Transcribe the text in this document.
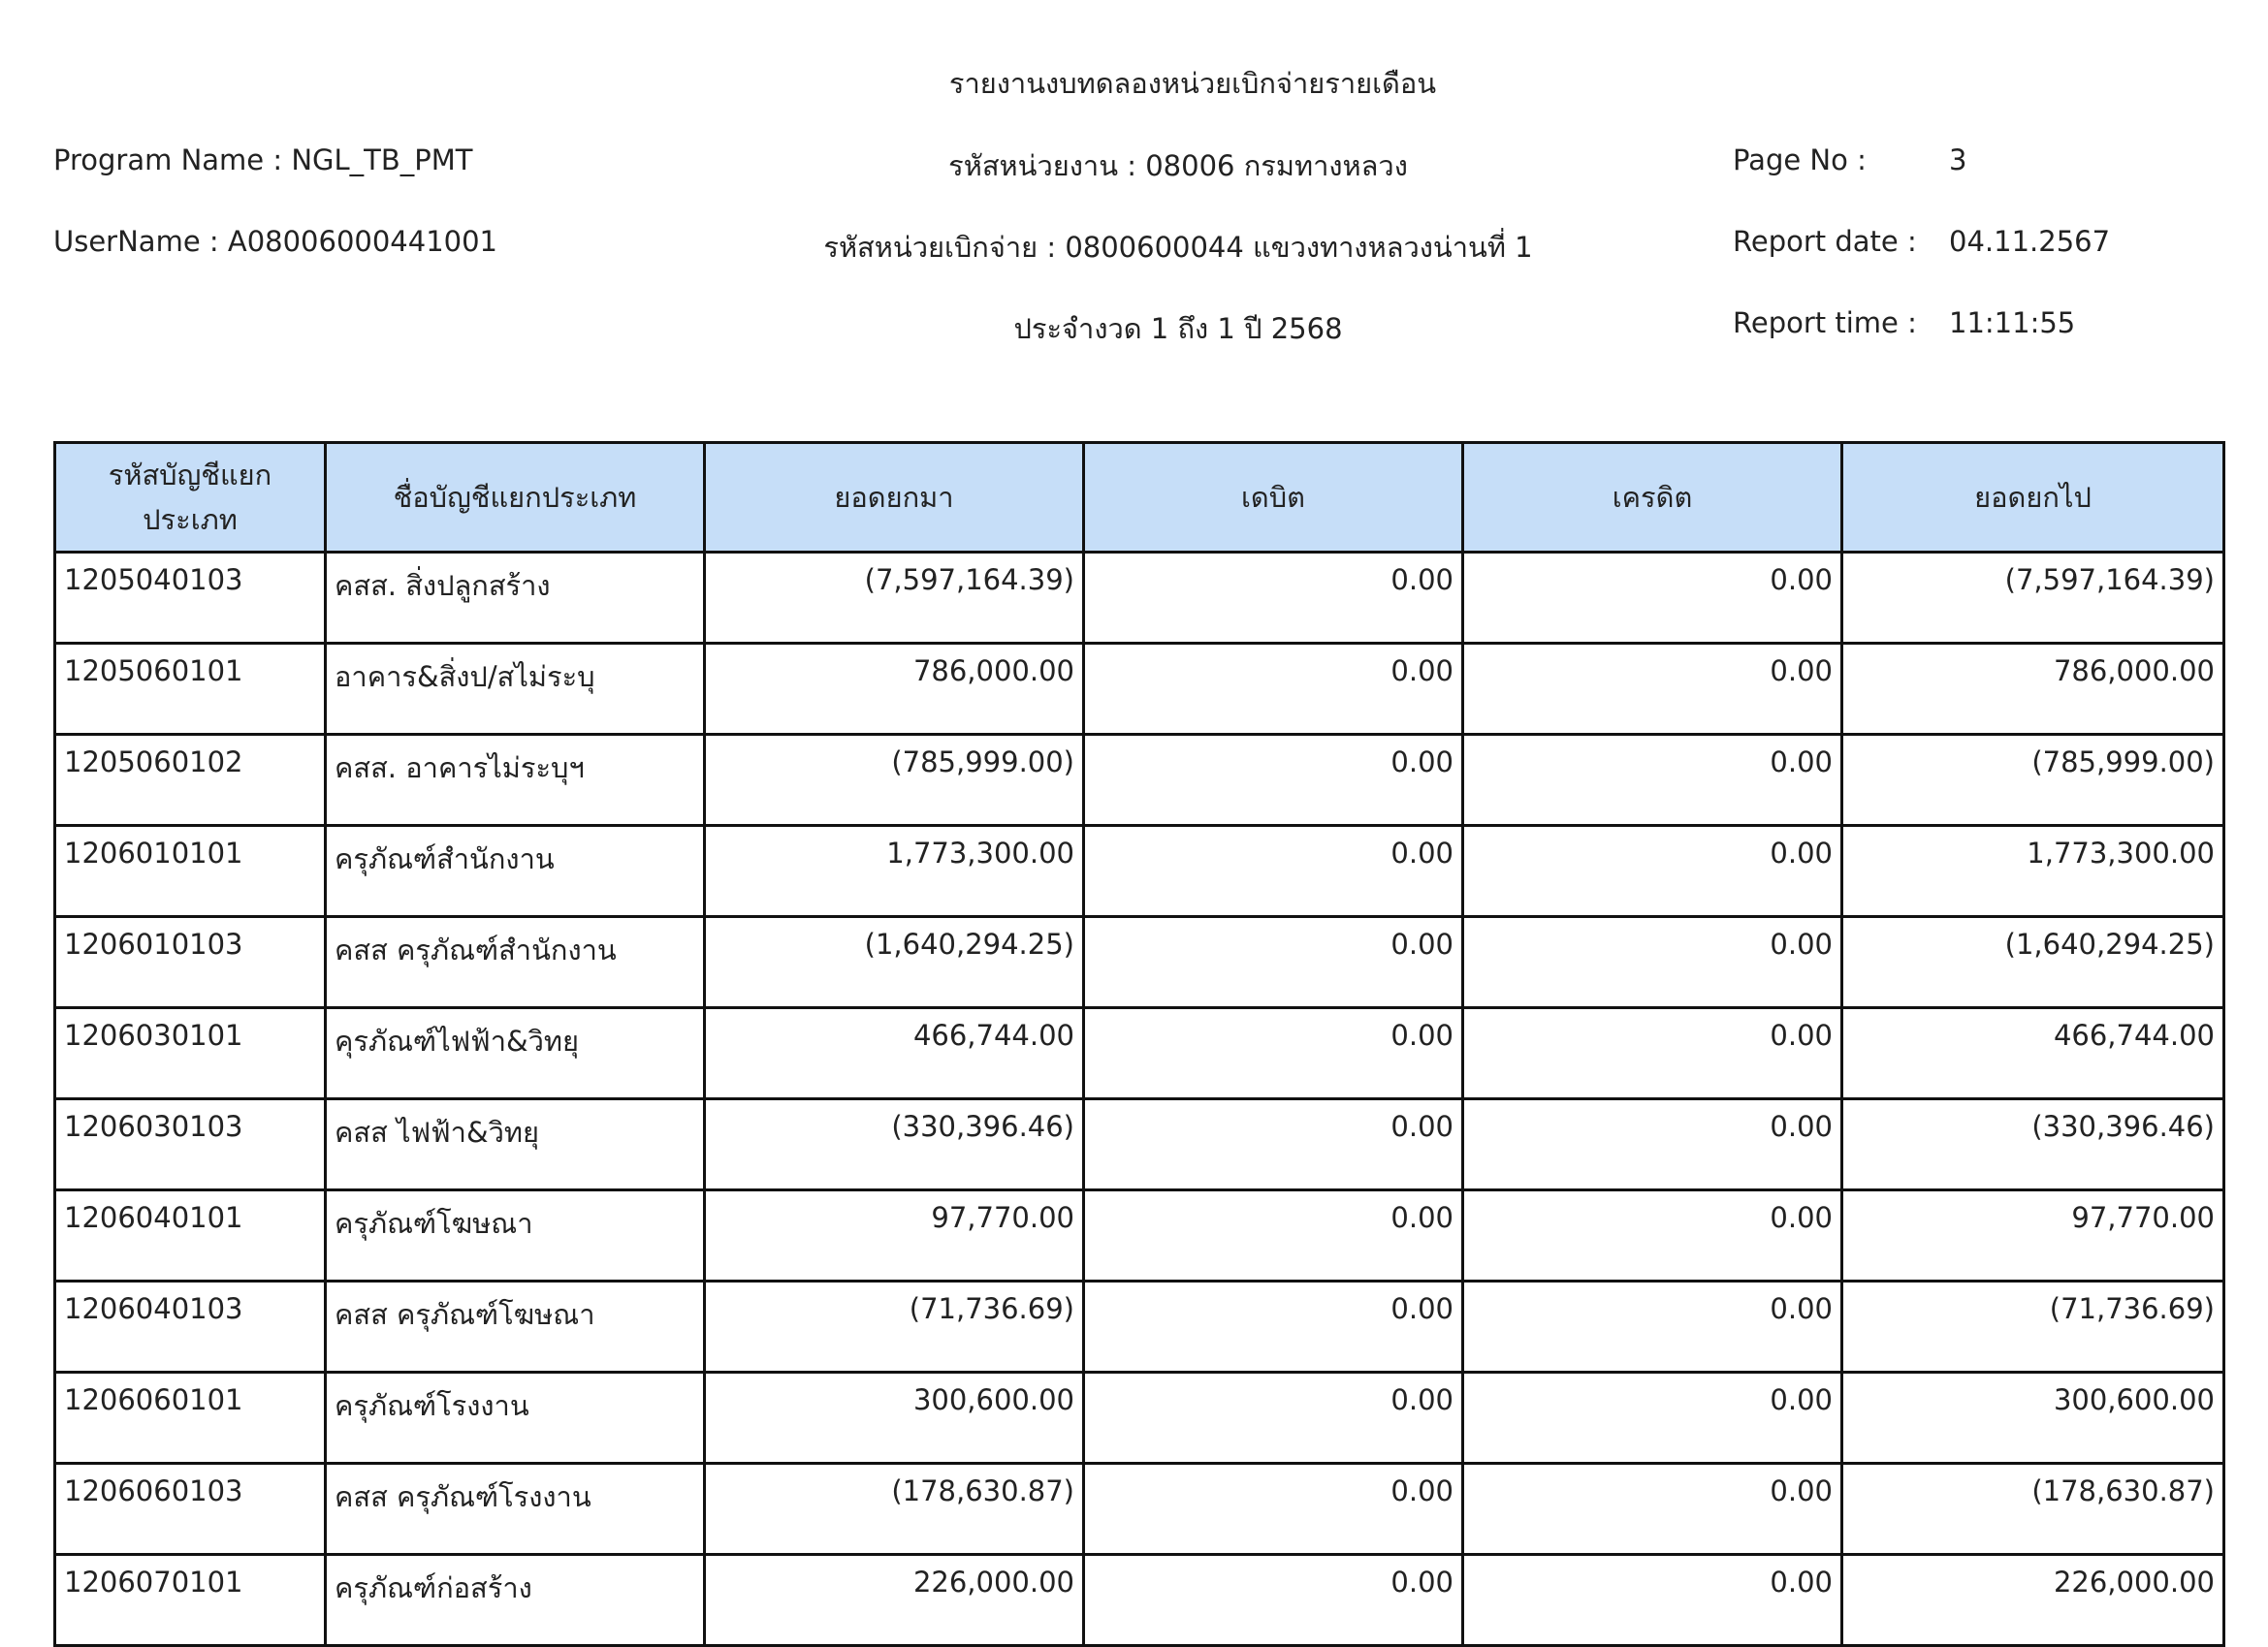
รายงานงบทดลองหน่วยเบิกจ่ายรายเดือน
Program Name : NGL_TB_PMT	รหัสหน่วยงาน : 08006 กรมทางหลวง	Page No :	3
UserName : A08006000441001	รหัสหน่วยเบิกจ่าย : 0800600044 แขวงทางหลวงน่านที่ 1	Report date : 04.11.2567
ประจำงวด 1 ถึง 1 ปี 2568	Report time : 11:11:55
รหัสบัญชีแยกประเภท	ชื่อบัญชีแยกประเภท	ยอดยกมา	เดบิต	เครดิต	ยอดยกไป
1205040103	คสส. สิ่งปลูกสร้าง	(7,597,164.39)	0.00	0.00	(7,597,164.39)
1205060101	อาคาร&สิ่งป/สไม่ระบุ	786,000.00	0.00	0.00	786,000.00
1205060102	คสส. อาคารไม่ระบุฯ	(785,999.00)	0.00	0.00	(785,999.00)
1206010101	ครุภัณฑ์สำนักงาน	1,773,300.00	0.00	0.00	1,773,300.00
1206010103	คสส ครุภัณฑ์สำนักงาน	(1,640,294.25)	0.00	0.00	(1,640,294.25)
1206030101	คุรภัณฑ์ไฟฟ้า&วิทยุ	466,744.00	0.00	0.00	466,744.00
1206030103	คสส ไฟฟ้า&วิทยุ	(330,396.46)	0.00	0.00	(330,396.46)
1206040101	ครุภัณฑ์โฆษณา	97,770.00	0.00	0.00	97,770.00
1206040103	คสส ครุภัณฑ์โฆษณา	(71,736.69)	0.00	0.00	(71,736.69)
1206060101	ครุภัณฑ์โรงงาน	300,600.00	0.00	0.00	300,600.00
1206060103	คสส ครุภัณฑ์โรงงาน	(178,630.87)	0.00	0.00	(178,630.87)
1206070101	ครุภัณฑ์ก่อสร้าง	226,000.00	0.00	0.00	226,000.00
